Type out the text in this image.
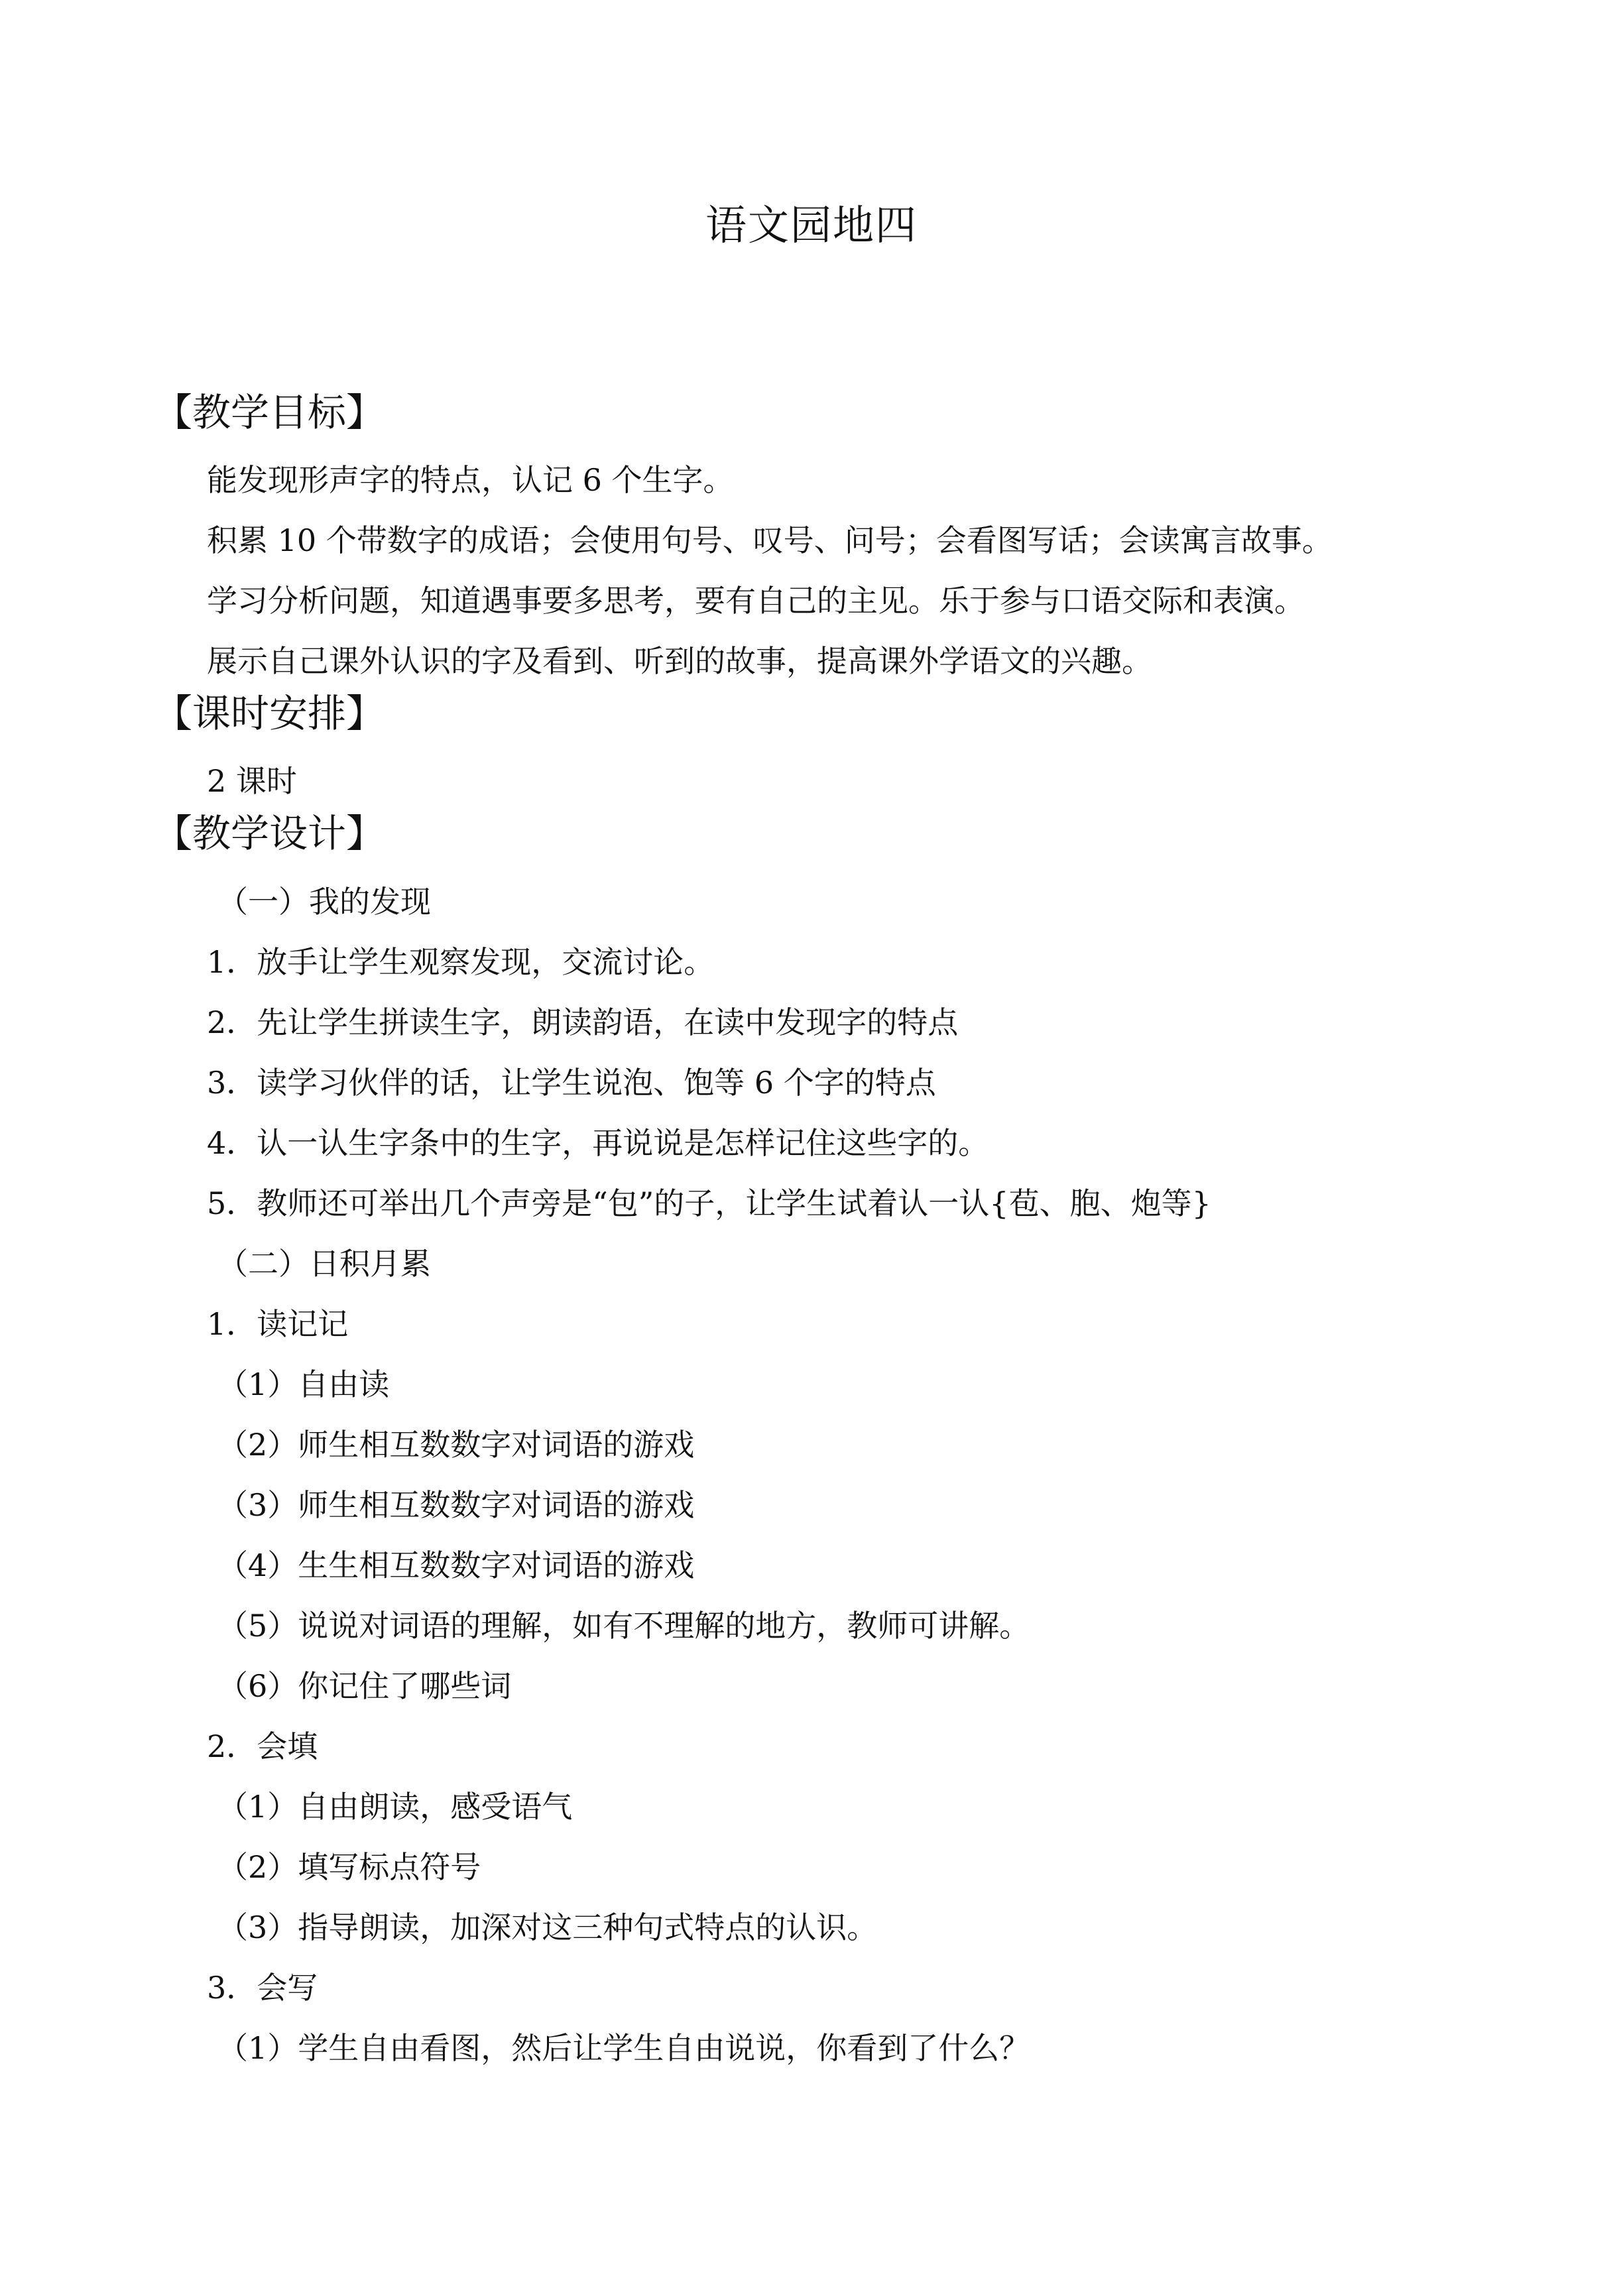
语文园地四
【教学目标】
能发现形声字的特点，认记 6 个生字。
积累 10 个带数字的成语；会使用句号、叹号、问号；会看图写话；会读寓言故事。
学习分析问题，知道遇事要多思考，要有自己的主见。乐于参与口语交际和表演。
展示自己课外认识的字及看到、听到的故事，提高课外学语文的兴趣。
【课时安排】
2 课时
【教学设计】
（一）我的发现
1．放手让学生观察发现，交流讨论。
2．先让学生拼读生字，朗读韵语，在读中发现字的特点
3．读学习伙伴的话，让学生说泡、饱等 6 个字的特点
4．认一认生字条中的生字，再说说是怎样记住这些字的。
5．教师还可举出几个声旁是“包”的子，让学生试着认一认{苞、胞、炮等}
（二）日积月累
1．读记记
（1）自由读
（2）师生相互数数字对词语的游戏
（3）师生相互数数字对词语的游戏
（4）生生相互数数字对词语的游戏
（5）说说对词语的理解，如有不理解的地方，教师可讲解。
（6）你记住了哪些词
2．会填
（1）自由朗读，感受语气
（2）填写标点符号
（3）指导朗读，加深对这三种句式特点的认识。
3．会写
（1）学生自由看图，然后让学生自由说说，你看到了什么？
